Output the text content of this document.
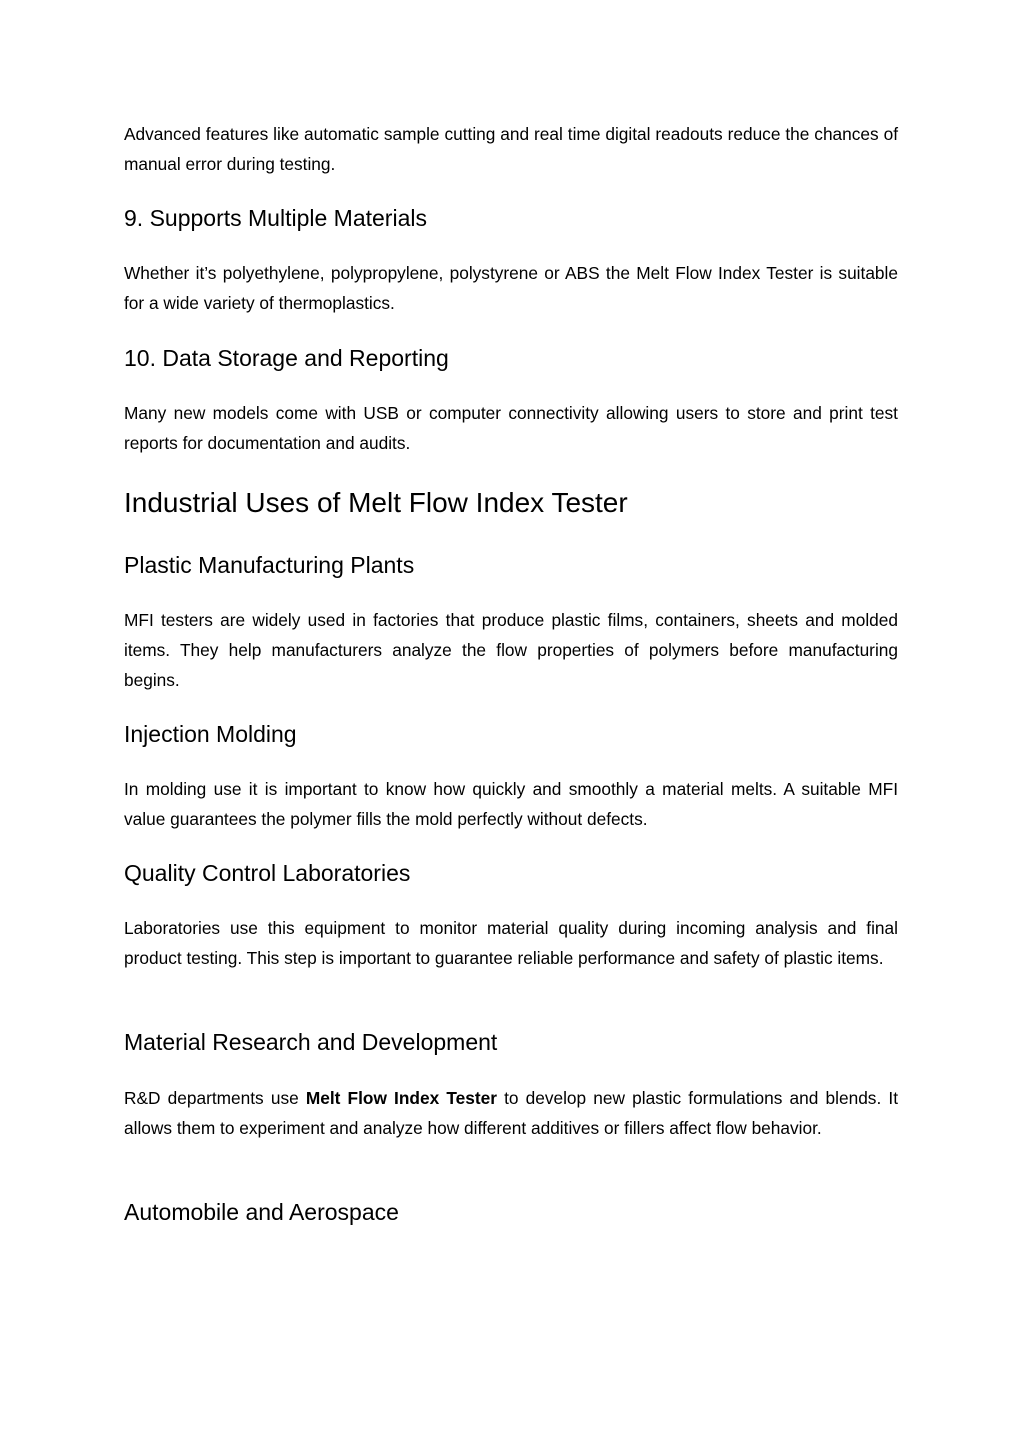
Advanced features like automatic sample cutting and real time digital readouts reduce the chances of manual error during testing.

9. Supports Multiple Materials

Whether it’s polyethylene, polypropylene, polystyrene or ABS the Melt Flow Index Tester is suitable for a wide variety of thermoplastics.

10. Data Storage and Reporting

Many new models come with USB or computer connectivity allowing users to store and print test reports for documentation and audits.

Industrial Uses of Melt Flow Index Tester
Plastic Manufacturing Plants

MFI testers are widely used in factories that produce plastic films, containers, sheets and molded items. They help manufacturers analyze the flow properties of polymers before manufacturing begins.

Injection Molding

In molding use it is important to know how quickly and smoothly a material melts. A suitable MFI value guarantees the polymer fills the mold perfectly without defects.

Quality Control Laboratories

Laboratories use this equipment to monitor material quality during incoming analysis and final product testing. This step is important to guarantee reliable performance and safety of plastic items.

Material Research and Development

R&D departments use Melt Flow Index Tester to develop new plastic formulations and blends. It allows them to experiment and analyze how different additives or fillers affect flow behavior.

Automobile and Aerospace
